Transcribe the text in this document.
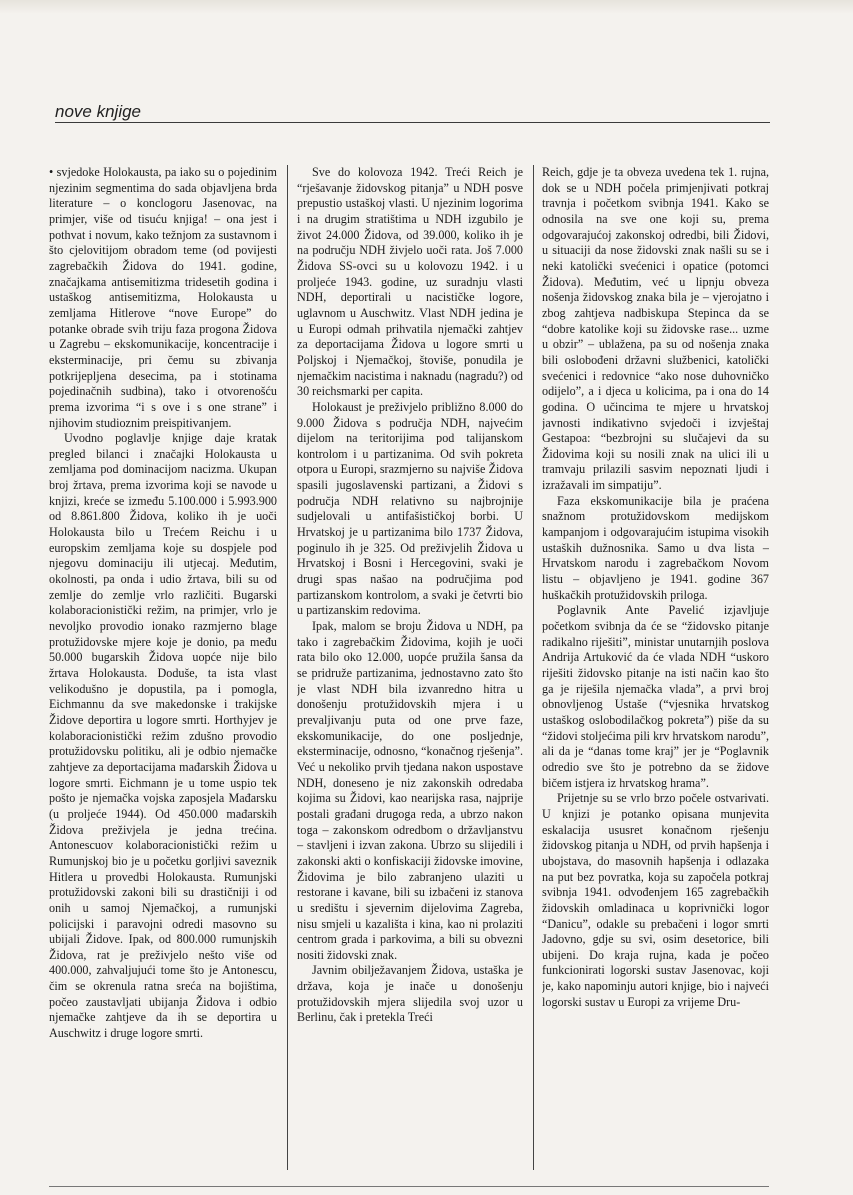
nove knjige

• svjedoke Holokausta, pa iako su o pojedinim njezinim segmentima do sada objavljena brda literature – o konclogoru Jasenovac, na primjer, više od tisuću knjiga! – ona jest i pothvat i novum, kako težnjom za sustavnom i što cjelovitijom obradom teme (od povijesti zagrebačkih Židova do 1941. godine, značajkama antisemitizma tridesetih godina i ustaškog antisemitizma, Holokausta u zemljama Hitlerove “nove Europe” do potanke obrade svih triju faza progona Židova u Zagrebu – ekskomunikacije, koncentracije i eksterminacije, pri čemu su zbivanja potkrijepljena desecima, pa i stotinama pojedinačnih sudbina), tako i otvorenošću prema izvorima “i s ove i s one strane” i njihovim studioznim preispitivanjem.

Uvodno poglavlje knjige daje kratak pregled bilanci i značajki Holokausta u zemljama pod dominacijom nacizma. Ukupan broj žrtava, prema izvorima koji se navode u knjizi, kreće se između 5.100.000 i 5.993.900 od 8.861.800 Židova, koliko ih je uoči Holokausta bilo u Trećem Reichu i u europskim zemljama koje su dospjele pod njegovu dominaciju ili utjecaj. Međutim, okolnosti, pa onda i udio žrtava, bili su od zemlje do zemlje vrlo različiti. Bugarski kolaboracionistički režim, na primjer, vrlo je nevoljko provodio ionako razmjerno blage protužidovske mjere koje je donio, pa među 50.000 bugarskih Židova uopće nije bilo žrtava Holokausta. Doduše, ta ista vlast velikodušno je dopustila, pa i pomogla, Eichmannu da sve makedonske i trakijske Židove deportira u logore smrti. Horthyjev je kolaboracionistički režim zdušno provodio protužidovsku politiku, ali je odbio njemačke zahtjeve za deportacijama mađarskih Židova u logore smrti. Eichmann je u tome uspio tek pošto je njemačka vojska zaposjela Mađarsku (u proljeće 1944). Od 450.000 mađarskih Židova preživjela je jedna trećina. Antonescuov kolaboracionistički režim u Rumunjskoj bio je u početku gorljivi saveznik Hitlera u provedbi Holokausta. Rumunjski protužidovski zakoni bili su drastičniji i od onih u samoj Njemačkoj, a rumunjski policijski i paravojni odredi masovno su ubijali Židove. Ipak, od 800.000 rumunjskih Židova, rat je preživjelo nešto više od 400.000, zahvaljujući tome što je Antonescu, čim se okrenula ratna sreća na bojištima, počeo zaustavljati ubijanja Židova i odbio njemačke zahtjeve da ih se deportira u Auschwitz i druge logore smrti.

Sve do kolovoza 1942. Treći Reich je “rješavanje židovskog pitanja” u NDH posve prepustio ustaškoj vlasti. U njezinim logorima i na drugim stratištima u NDH izgubilo je život 24.000 Židova, od 39.000, koliko ih je na području NDH živjelo uoči rata. Još 7.000 Židova SS-ovci su u kolovozu 1942. i u proljeće 1943. godine, uz suradnju vlasti NDH, deportirali u nacističke logore, uglavnom u Auschwitz. Vlast NDH jedina je u Europi odmah prihvatila njemački zahtjev za deportacijama Židova u logore smrti u Poljskoj i Njemačkoj, štoviše, ponudila je njemačkim nacistima i naknadu (nagradu?) od 30 reichsmarki per capita.

Holokaust je preživjelo približno 8.000 do 9.000 Židova s područja NDH, najvećim dijelom na teritorijima pod talijanskom kontrolom i u partizanima. Od svih pokreta otpora u Europi, srazmjerno su najviše Židova spasili jugoslavenski partizani, a Židovi s područja NDH relativno su najbrojnije sudjelovali u antifašističkoj borbi. U Hrvatskoj je u partizanima bilo 1737 Židova, poginulo ih je 325. Od preživjelih Židova u Hrvatskoj i Bosni i Hercegovini, svaki je drugi spas našao na područjima pod partizanskom kontrolom, a svaki je četvrti bio u partizanskim redovima.

Ipak, malom se broju Židova u NDH, pa tako i zagrebačkim Židovima, kojih je uoči rata bilo oko 12.000, uopće pružila šansa da se pridruže partizanima, jednostavno zato što je vlast NDH bila izvanredno hitra u donošenju protužidovskih mjera i u prevaljivanju puta od one prve faze, ekskomunikacije, do one posljednje, eksterminacije, odnosno, “konačnog rješenja”. Već u nekoliko prvih tjedana nakon uspostave NDH, doneseno je niz zakonskih odredaba kojima su Židovi, kao nearijska rasa, najprije postali građani drugoga reda, a ubrzo nakon toga – zakonskom odredbom o državljanstvu – stavljeni i izvan zakona. Ubrzo su slijedili i zakonski akti o konfiskaciji židovske imovine, Židovima je bilo zabranjeno ulaziti u restorane i kavane, bili su izbačeni iz stanova u središtu i sjevernim dijelovima Zagreba, nisu smjeli u kazališta i kina, kao ni prolaziti centrom grada i parkovima, a bili su obvezni nositi židovski znak.

Javnim obilježavanjem Židova, ustaška je država, koja je inače u donošenju protužidovskih mjera slijedila svoj uzor u Berlinu, čak i pretekla Treći

Reich, gdje je ta obveza uvedena tek 1. rujna, dok se u NDH počela primjenjivati potkraj travnja i početkom svibnja 1941. Kako se odnosila na sve one koji su, prema odgovarajućoj zakonskoj odredbi, bili Židovi, u situaciji da nose židovski znak našli su se i neki katolički svećenici i opatice (potomci Židova). Međutim, već u lipnju obveza nošenja židovskog znaka bila je – vjerojatno i zbog zahtjeva nadbiskupa Stepinca da se “dobre katolike koji su židovske rase... uzme u obzir” – ublažena, pa su od nošenja znaka bili oslobođeni državni službenici, katolički svećenici i redovnice “ako nose duhovničko odijelo”, a i djeca u kolicima, pa i ona do 14 godina. O učincima te mjere u hrvatskoj javnosti indikativno svjedoči i izvještaj Gestapoa: “bezbrojni su slučajevi da su Židovima koji su nosili znak na ulici ili u tramvaju prilazili sasvim nepoznati ljudi i izražavali im simpatiju”.

Faza ekskomunikacije bila je praćena snažnom protužidovskom medijskom kampanjom i odgovarajućim istupima visokih ustaških dužnosnika. Samo u dva lista – Hrvatskom narodu i zagrebačkom Novom listu – objavljeno je 1941. godine 367 huškačkih protužidovskih priloga.

Poglavnik Ante Pavelić izjavljuje početkom svibnja da će se “židovsko pitanje radikalno riješiti”, ministar unutarnjih poslova Andrija Artuković da će vlada NDH “uskoro riješiti židovsko pitanje na isti način kao što ga je riješila njemačka vlada”, a prvi broj obnovljenog Ustaše (“vjesnika hrvatskog ustaškog oslobodilačkog pokreta”) piše da su “židovi stoljećima pili krv hrvatskom narodu”, ali da je “danas tome kraj” jer je “Poglavnik odredio sve što je potrebno da se židove bičem istjera iz hrvatskog hrama”.

Prijetnje su se vrlo brzo počele ostvarivati. U knjizi je potanko opisana munjevita eskalacija ususret konačnom rješenju židovskog pitanja u NDH, od prvih hapšenja i ubojstava, do masovnih hapšenja i odlazaka na put bez povratka, koja su započela potkraj svibnja 1941. odvođenjem 165 zagrebačkih židovskih omladinaca u koprivnički logor “Danicu”, odakle su prebačeni i logor smrti Jadovno, gdje su svi, osim desetorice, bili ubijeni. Do kraja rujna, kada je počeo funkcionirati logorski sustav Jasenovac, koji je, kako napominju autori knjige, bio i najveći logorski sustav u Europi za vrijeme Dru-
